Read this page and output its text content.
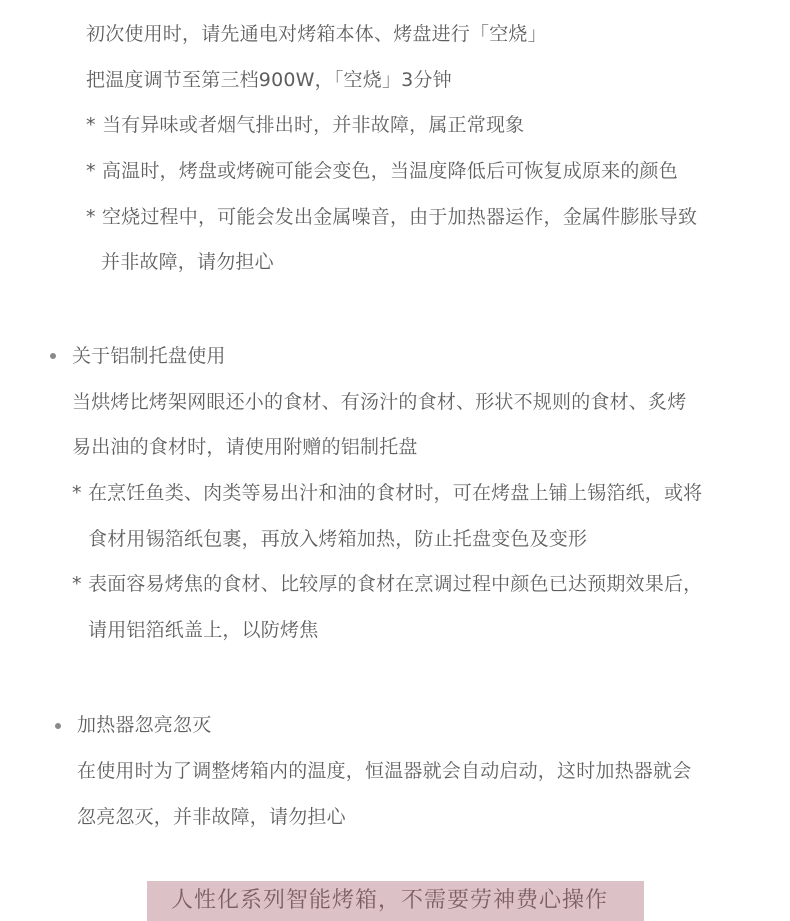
初次使用时，请先通电对烤箱本体、烤盘进行「空烧」
把温度调节至第三档900W，「空烧」3分钟
* 当有异味或者烟气排出时，并非故障，属正常现象
* 高温时，烤盘或烤碗可能会变色，当温度降低后可恢复成原来的颜色
* 空烧过程中，可能会发出金属噪音，由于加热器运作，金属件膨胀导致
并非故障，请勿担心
关于铝制托盘使用
当烘烤比烤架网眼还小的食材、有汤汁的食材、形状不规则的食材、炙烤
易出油的食材时，请使用附赠的铝制托盘
* 在烹饪鱼类、肉类等易出汁和油的食材时，可在烤盘上铺上锡箔纸，或将
食材用锡箔纸包裹，再放入烤箱加热，防止托盘变色及变形
* 表面容易烤焦的食材、比较厚的食材在烹调过程中颜色已达预期效果后，
请用铝箔纸盖上，以防烤焦
加热器忽亮忽灭
在使用时为了调整烤箱内的温度，恒温器就会自动启动，这时加热器就会
忽亮忽灭，并非故障，请勿担心
人性化系列智能烤箱，不需要劳神费心操作
